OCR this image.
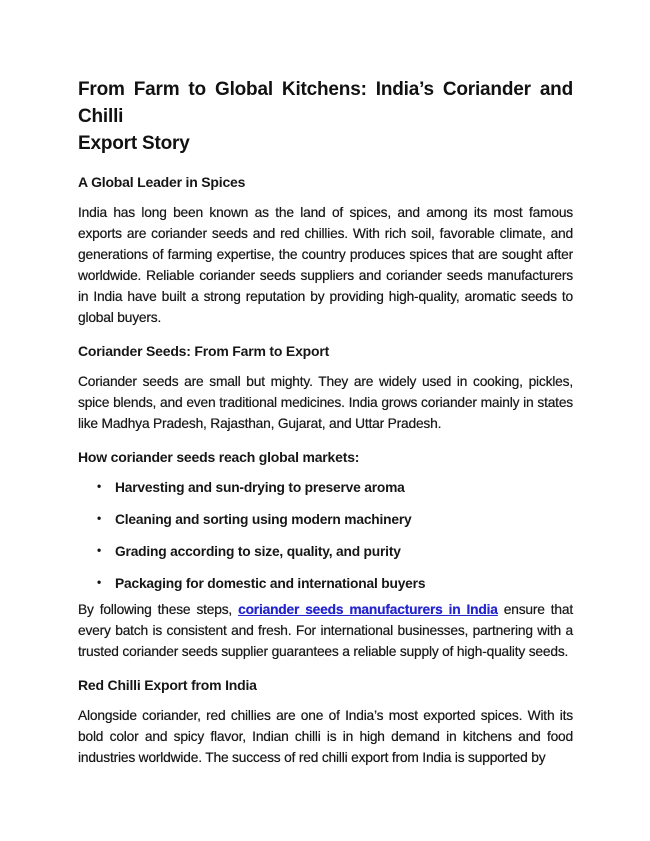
From Farm to Global Kitchens: India’s Coriander and Chilli
Export Story
A Global Leader in Spices

India has long been known as the land of spices, and among its most famous exports are coriander seeds and red chillies. With rich soil, favorable climate, and generations of farming expertise, the country produces spices that are sought after worldwide. Reliable coriander seeds suppliers and coriander seeds manufacturers in India have built a strong reputation by providing high-quality, aromatic seeds to global buyers.

Coriander Seeds: From Farm to Export

Coriander seeds are small but mighty. They are widely used in cooking, pickles, spice blends, and even traditional medicines. India grows coriander mainly in states like Madhya Pradesh, Rajasthan, Gujarat, and Uttar Pradesh.

How coriander seeds reach global markets:
• Harvesting and sun-drying to preserve aroma
• Cleaning and sorting using modern machinery
• Grading according to size, quality, and purity
• Packaging for domestic and international buyers

By following these steps, coriander seeds manufacturers in India ensure that every batch is consistent and fresh. For international businesses, partnering with a trusted coriander seeds supplier guarantees a reliable supply of high-quality seeds.

Red Chilli Export from India

Alongside coriander, red chillies are one of India’s most exported spices. With its bold color and spicy flavor, Indian chilli is in high demand in kitchens and food industries worldwide. The success of red chilli export from India is supported by
